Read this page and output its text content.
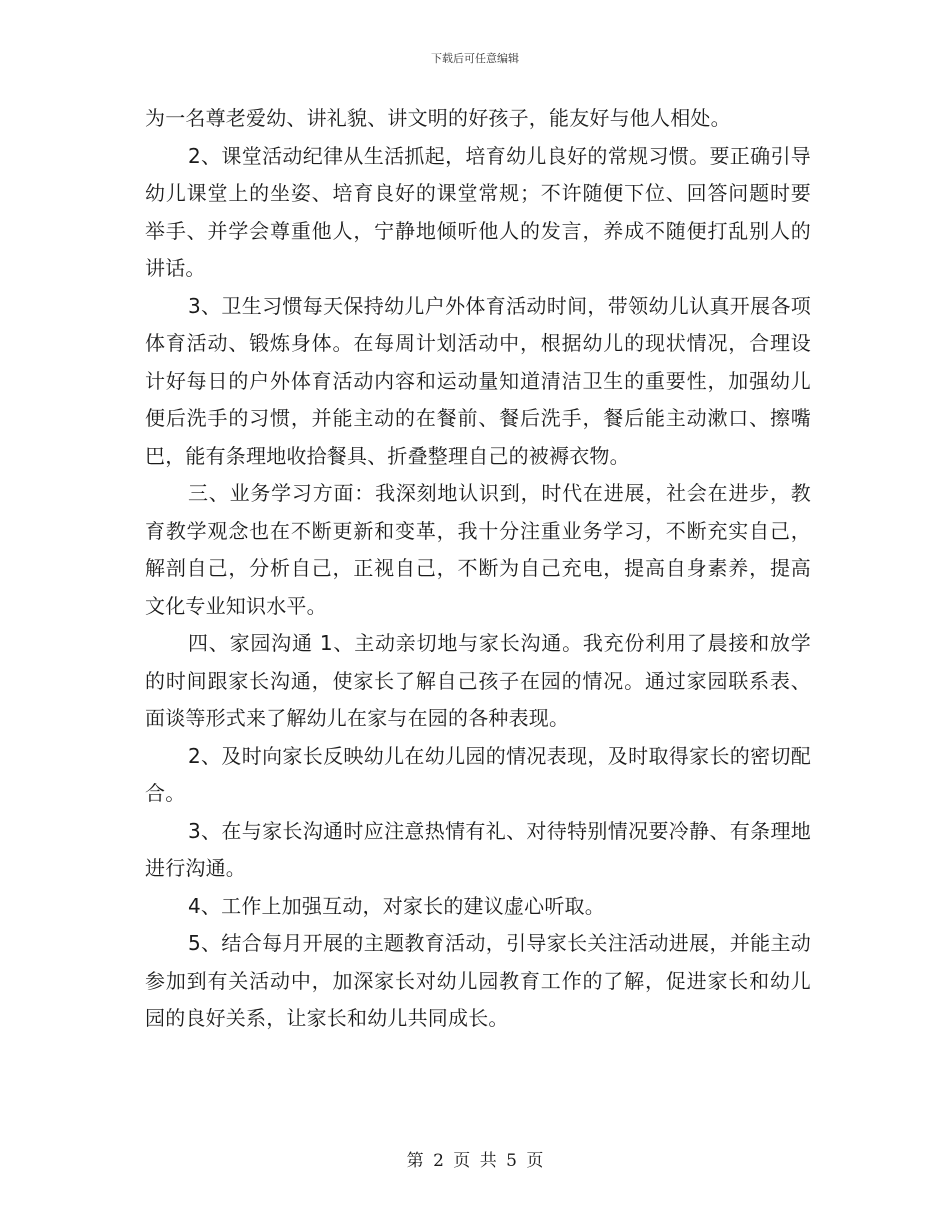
下载后可任意编辑

为一名尊老爱幼、讲礼貌、讲文明的好孩子，能友好与他人相处。

2、课堂活动纪律从生活抓起，培育幼儿良好的常规习惯。要正确引导幼儿课堂上的坐姿、培育良好的课堂常规；不许随便下位、回答问题时要举手、并学会尊重他人，宁静地倾听他人的发言，养成不随便打乱别人的讲话。

3、卫生习惯每天保持幼儿户外体育活动时间，带领幼儿认真开展各项体育活动、锻炼身体。在每周计划活动中，根据幼儿的现状情况，合理设计好每日的户外体育活动内容和运动量知道清洁卫生的重要性，加强幼儿便后洗手的习惯，并能主动的在餐前、餐后洗手，餐后能主动漱口、擦嘴巴，能有条理地收拾餐具、折叠整理自己的被褥衣物。

三、业务学习方面：我深刻地认识到，时代在进展，社会在进步，教育教学观念也在不断更新和变革，我十分注重业务学习，不断充实自己，解剖自己，分析自己，正视自己，不断为自己充电，提高自身素养，提高文化专业知识水平。

四、家园沟通 1、主动亲切地与家长沟通。我充份利用了晨接和放学的时间跟家长沟通，使家长了解自己孩子在园的情况。通过家园联系表、面谈等形式来了解幼儿在家与在园的各种表现。

2、及时向家长反映幼儿在幼儿园的情况表现，及时取得家长的密切配合。

3、在与家长沟通时应注意热情有礼、对待特别情况要冷静、有条理地进行沟通。

4、工作上加强互动，对家长的建议虚心听取。

5、结合每月开展的主题教育活动，引导家长关注活动进展，并能主动参加到有关活动中，加深家长对幼儿园教育工作的了解，促进家长和幼儿园的良好关系，让家长和幼儿共同成长。

第 2 页 共 5 页
